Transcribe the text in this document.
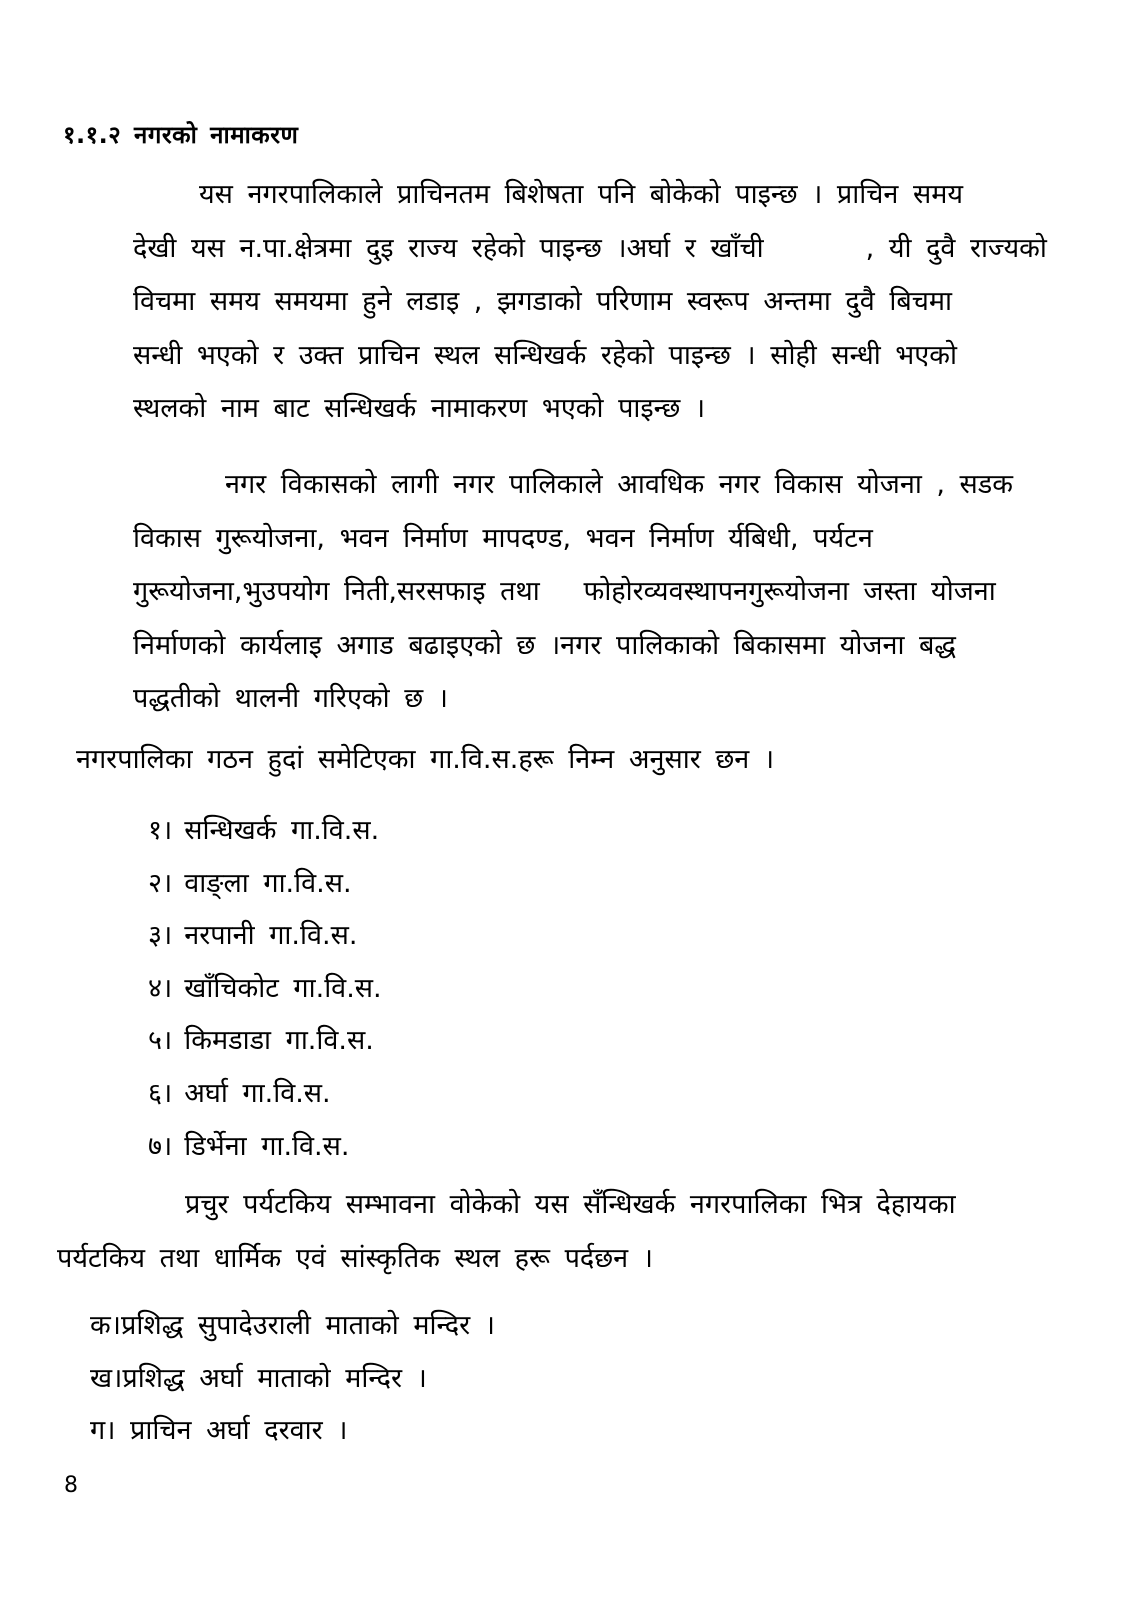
१.१.२ नगरको नामाकरण
यस नगरपालिकाले प्राचिनतम बिशेषता पनि बोकेको पाइन्छ । प्राचिन समय
देखी यस न.पा.क्षेत्रमा दुइ राज्य रहेको पाइन्छ ।अर्घा र खाँची       , यी दुवै राज्यको
विचमा समय समयमा हुने लडाइ , झगडाको परिणाम स्वरूप अन्तमा दुवै बिचमा
सन्धी भएको र उक्त प्राचिन स्थल सन्धिखर्क रहेको पाइन्छ । सोही सन्धी भएको
स्थलको नाम बाट सन्धिखर्क नामाकरण भएको पाइन्छ ।
नगर विकासको लागी नगर पालिकाले आवधिक नगर विकास योजना , सडक
विकास गुरूयोजना, भवन निर्माण मापदण्ड, भवन निर्माण र्यबिधी, पर्यटन
गुरूयोजना,भुउपयोग निती,सरसफाइ तथा   फोहोरव्यवस्थापनगुरूयोजना जस्ता योजना
निर्माणको कार्यलाइ अगाड बढाइएको छ ।नगर पालिकाको बिकासमा योजना बद्ध
पद्धतीको थालनी गरिएको छ ।
नगरपालिका गठन हुदां समेटिएका गा.वि.स.हरू निम्न अनुसार छन ।
१। सन्धिखर्क गा.वि.स.
२। वाङ्ला गा.वि.स.
३। नरपानी गा.वि.स.
४। खाँचिकोट गा.वि.स.
५। किमडाडा गा.वि.स.
६। अर्घा गा.वि.स.
७। डिर्भेना गा.वि.स.
प्रचुर पर्यटकिय सम्भावना वोकेको यस सँन्धिखर्क नगरपालिका भित्र देहायका
पर्यटकिय तथा धार्मिक एवं सांस्कृतिक स्थल हरू पर्दछन ।
क।प्रशिद्ध सुपादेउराली माताको मन्दिर ।
ख।प्रशिद्ध अर्घा माताको मन्दिर ।
ग। प्राचिन अर्घा दरवार ।
8
